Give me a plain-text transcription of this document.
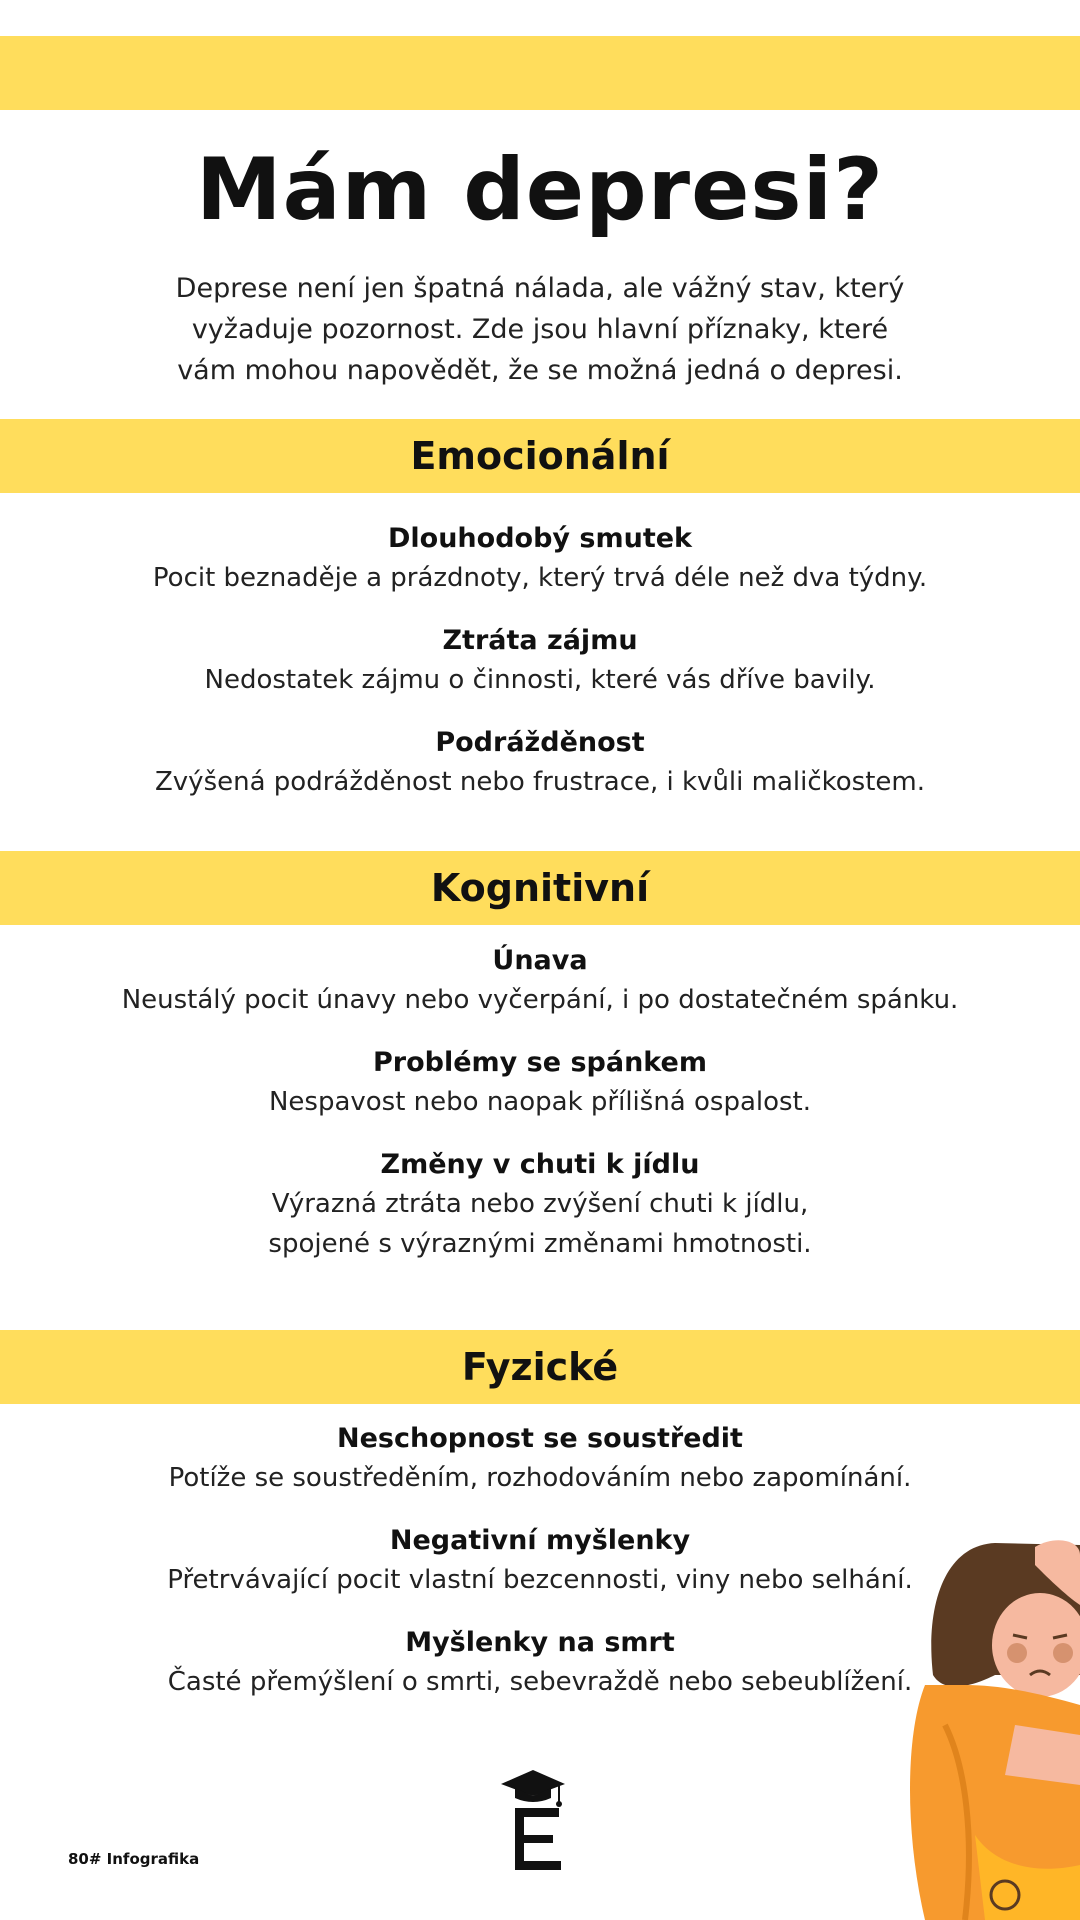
Mám depresi?
Deprese není jen špatná nálada, ale vážný stav, který
vyžaduje pozornost. Zde jsou hlavní příznaky, které
vám mohou napovědět, že se možná jedná o depresi.
Emocionální
Dlouhodobý smutek
Pocit beznaděje a prázdnoty, který trvá déle než dva týdny.
Ztráta zájmu
Nedostatek zájmu o činnosti, které vás dříve bavily.
Podrážděnost
Zvýšená podrážděnost nebo frustrace, i kvůli maličkostem.
Kognitivní
Únava
Neustálý pocit únavy nebo vyčerpání, i po dostatečném spánku.
Problémy se spánkem
Nespavost nebo naopak přílišná ospalost.
Změny v chuti k jídlu
Výrazná ztráta nebo zvýšení chuti k jídlu,
spojené s výraznými změnami hmotnosti.
Fyzické
Neschopnost se soustředit
Potíže se soustředěním, rozhodováním nebo zapomínání.
Negativní myšlenky
Přetrvávající pocit vlastní bezcennosti, viny nebo selhání.
Myšlenky na smrt
Časté přemýšlení o smrti, sebevraždě nebo sebeublížení.
80# Infografika
